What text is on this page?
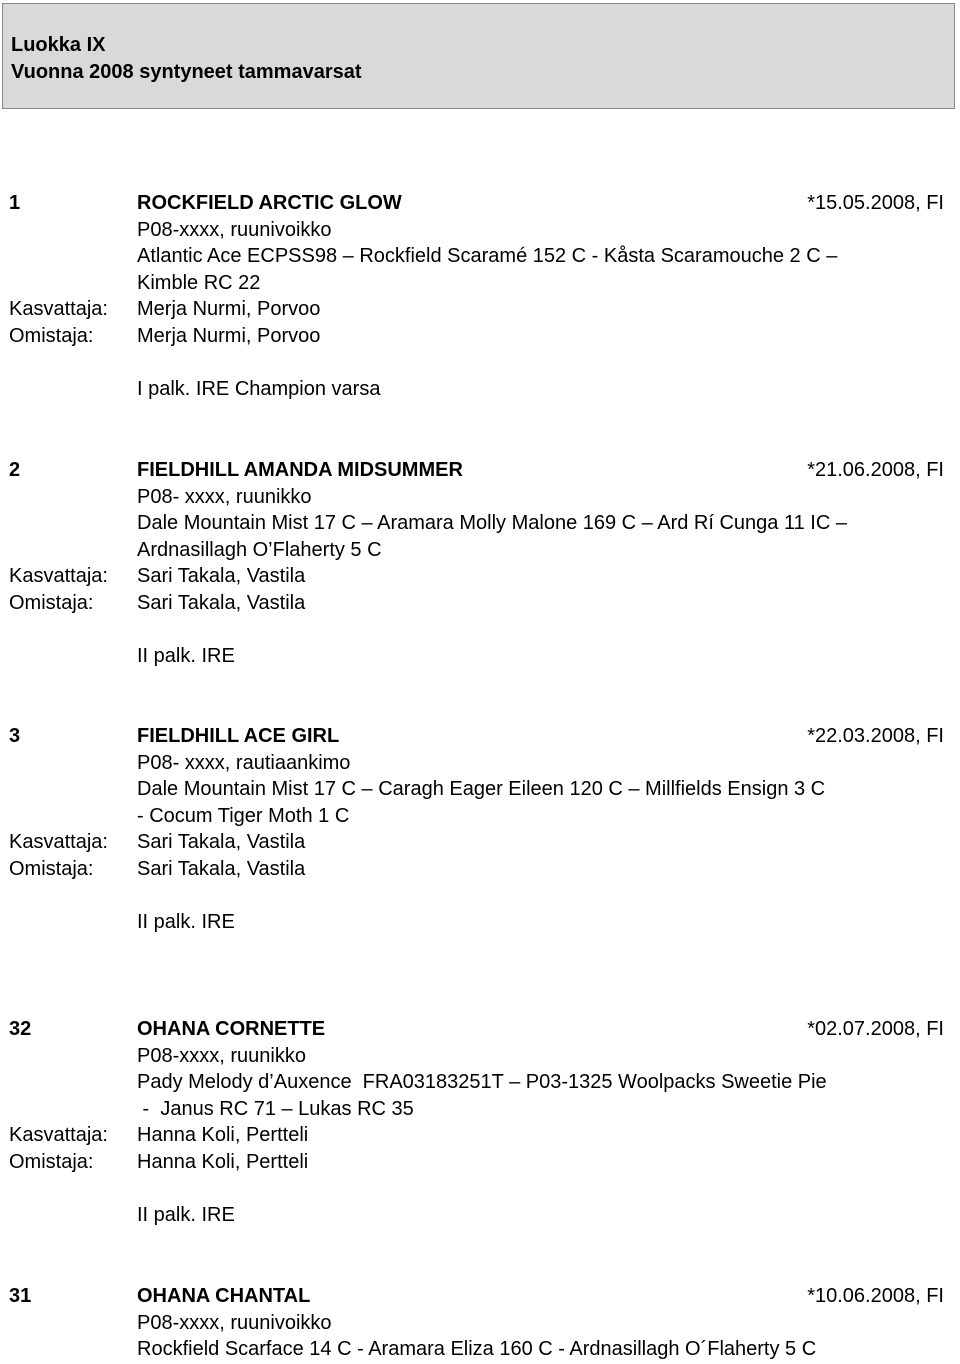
Luokka IX
Vuonna 2008 syntyneet tammavarsat
1	ROCKFIELD ARCTIC GLOW	*15.05.2008, FI
P08-xxxx, ruunivoikko
Atlantic Ace ECPSS98 – Rockfield Scaramé 152 C - Kåsta Scaramouche 2 C –
Kimble RC 22
Kasvattaja:	Merja Nurmi, Porvoo
Omistaja:	Merja Nurmi, Porvoo
I palk. IRE Champion varsa
2	FIELDHILL AMANDA MIDSUMMER	*21.06.2008, FI
P08- xxxx, ruunikko
Dale Mountain Mist 17 C – Aramara Molly Malone 169 C – Ard Rí Cunga 11 IC –
Ardnasillagh O’Flaherty 5 C
Kasvattaja:	Sari Takala, Vastila
Omistaja:	Sari Takala, Vastila
II palk. IRE
3	FIELDHILL ACE GIRL	*22.03.2008, FI
P08- xxxx, rautiaankimo
Dale Mountain Mist 17 C – Caragh Eager Eileen 120 C – Millfields Ensign 3 C
- Cocum Tiger Moth 1 C
Kasvattaja:	Sari Takala, Vastila
Omistaja:	Sari Takala, Vastila
II palk. IRE
32	OHANA CORNETTE	*02.07.2008, FI
P08-xxxx, ruunikko
Pady Melody d’Auxence  FRA03183251T – P03-1325 Woolpacks Sweetie Pie
-  Janus RC 71 – Lukas RC 35
Kasvattaja:	Hanna Koli, Pertteli
Omistaja:	Hanna Koli, Pertteli
II palk. IRE
31	OHANA CHANTAL	*10.06.2008, FI
P08-xxxx, ruunivoikko
Rockfield Scarface 14 C - Aramara Eliza 160 C - Ardnasillagh O´Flaherty 5 C
